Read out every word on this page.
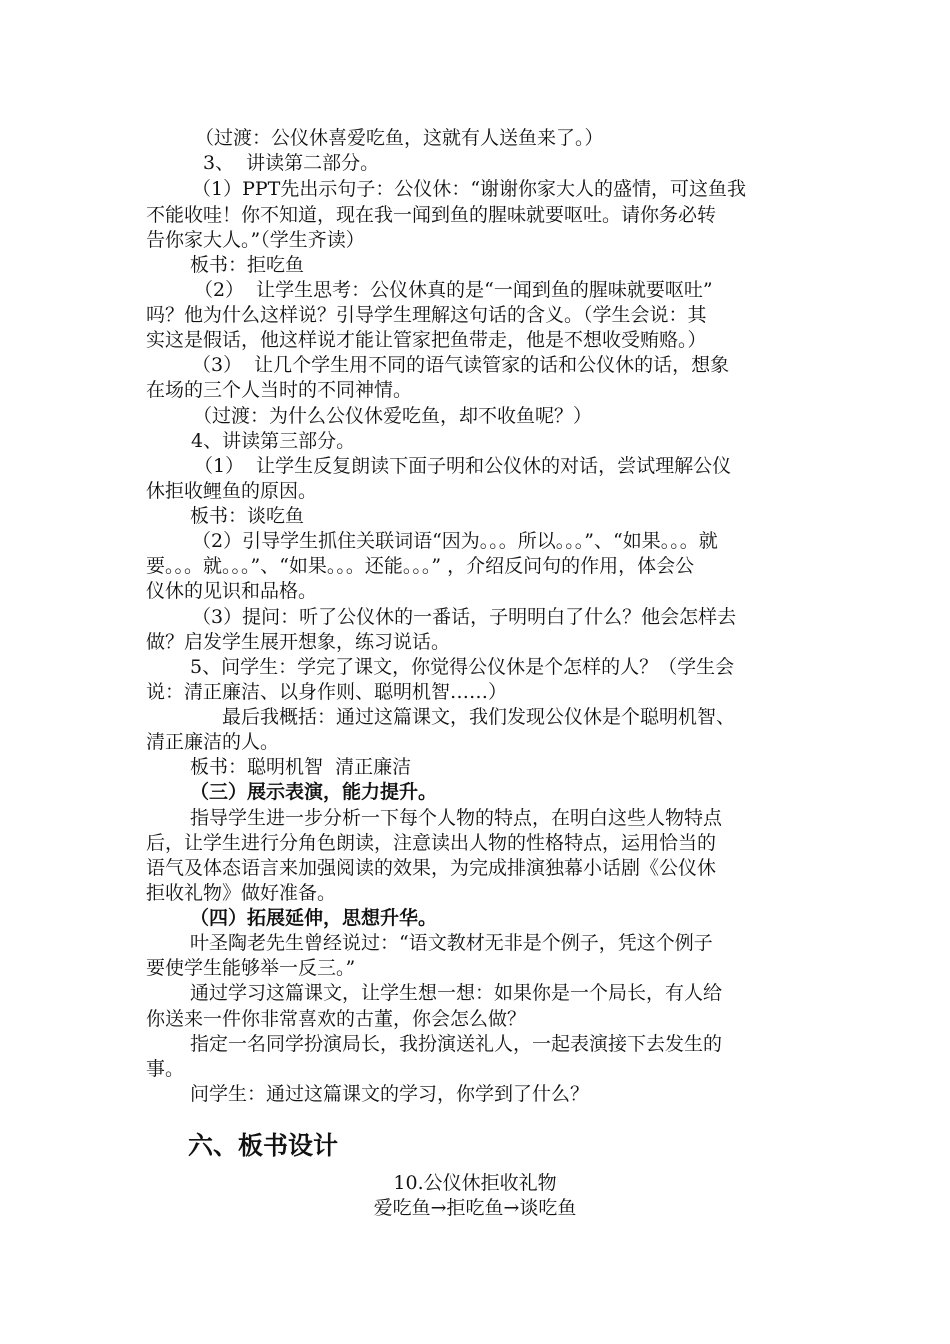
（过渡：公仪休喜爱吃鱼，这就有人送鱼来了。）
3、  讲读第二部分。
（1）PPT先出示句子：公仪休：“谢谢你家大人的盛情，可这鱼我
不能收哇！你不知道，现在我一闻到鱼的腥味就要呕吐。请你务必转
告你家大人。”（学生齐读）
板书：拒吃鱼
（2）  让学生思考：公仪休真的是“一闻到鱼的腥味就要呕吐”
吗？他为什么这样说？引导学生理解这句话的含义。（学生会说：其
实这是假话，他这样说才能让管家把鱼带走，他是不想收受贿赂。）
（3）  让几个学生用不同的语气读管家的话和公仪休的话，想象
在场的三个人当时的不同神情。
（过渡：为什么公仪休爱吃鱼，却不收鱼呢？）
4、讲读第三部分。
（1）  让学生反复朗读下面子明和公仪休的对话，尝试理解公仪
休拒收鲤鱼的原因。
板书：谈吃鱼
（2）引导学生抓住关联词语“因为。。。所以。。。”、“如果。。。就
要。。。就。。。”、“如果。。。还能。。。” ，介绍反问句的作用，体会公
仪休的见识和品格。
（3）提问：听了公仪休的一番话，子明明白了什么？他会怎样去
做？启发学生展开想象，练习说话。
5、问学生：学完了课文，你觉得公仪休是个怎样的人？（学生会
说：清正廉洁、以身作则、聪明机智……）
最后我概括：通过这篇课文，我们发现公仪休是个聪明机智、
清正廉洁的人。
板书：聪明机智  清正廉洁
（三）展示表演，能力提升。
指导学生进一步分析一下每个人物的特点，在明白这些人物特点
后，让学生进行分角色朗读，注意读出人物的性格特点，运用恰当的
语气及体态语言来加强阅读的效果，为完成排演独幕小话剧《公仪休
拒收礼物》做好准备。
（四）拓展延伸，思想升华。
叶圣陶老先生曾经说过：“语文教材无非是个例子，凭这个例子
要使学生能够举一反三。”
通过学习这篇课文，让学生想一想：如果你是一个局长，有人给
你送来一件你非常喜欢的古董，你会怎么做？
指定一名同学扮演局长，我扮演送礼人，一起表演接下去发生的
事。
问学生：通过这篇课文的学习，你学到了什么？
六、板书设计
10.公仪休拒收礼物
爱吃鱼→拒吃鱼→谈吃鱼
